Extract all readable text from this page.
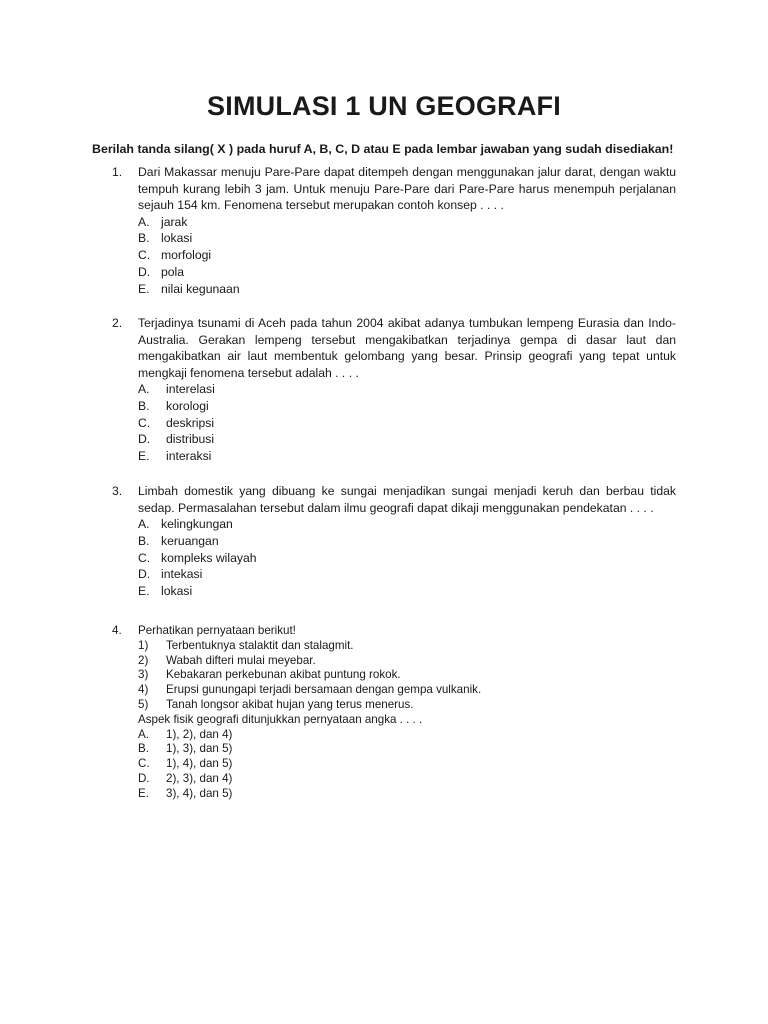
SIMULASI 1 UN GEOGRAFI
Berilah tanda silang( X ) pada huruf A, B, C, D atau E pada lembar jawaban yang sudah disediakan!
1. Dari Makassar menuju Pare-Pare dapat ditempeh dengan menggunakan jalur darat, dengan waktu tempuh kurang lebih 3 jam. Untuk menuju Pare-Pare dari Pare-Pare harus menempuh perjalanan sejauh 154 km. Fenomena tersebut merupakan contoh konsep . . . .
A. jarak
B. lokasi
C. morfologi
D. pola
E. nilai kegunaan
2. Terjadinya tsunami di Aceh pada tahun 2004 akibat adanya tumbukan lempeng Eurasia dan Indo-Australia. Gerakan lempeng tersebut mengakibatkan terjadinya gempa di dasar laut dan mengakibatkan air laut membentuk gelombang yang besar. Prinsip geografi yang tepat untuk mengkaji fenomena tersebut adalah . . . .
A. interelasi
B. korologi
C. deskripsi
D. distribusi
E. interaksi
3. Limbah domestik yang dibuang ke sungai menjadikan sungai menjadi keruh dan berbau tidak sedap. Permasalahan tersebut dalam ilmu geografi dapat dikaji menggunakan pendekatan . . . .
A. kelingkungan
B. keruangan
C. kompleks wilayah
D. intekasi
E. lokasi
4. Perhatikan pernyataan berikut!
1) Terbentuknya stalaktit dan stalagmit.
2) Wabah difteri mulai meyebar.
3) Kebakaran perkebunan akibat puntung rokok.
4) Erupsi gunungapi terjadi bersamaan dengan gempa vulkanik.
5) Tanah longsor akibat hujan yang terus menerus.
Aspek fisik geografi ditunjukkan pernyataan angka . . . .
A. 1), 2), dan 4)
B. 1), 3), dan 5)
C. 1), 4), dan 5)
D. 2), 3), dan 4)
E. 3), 4), dan 5)
